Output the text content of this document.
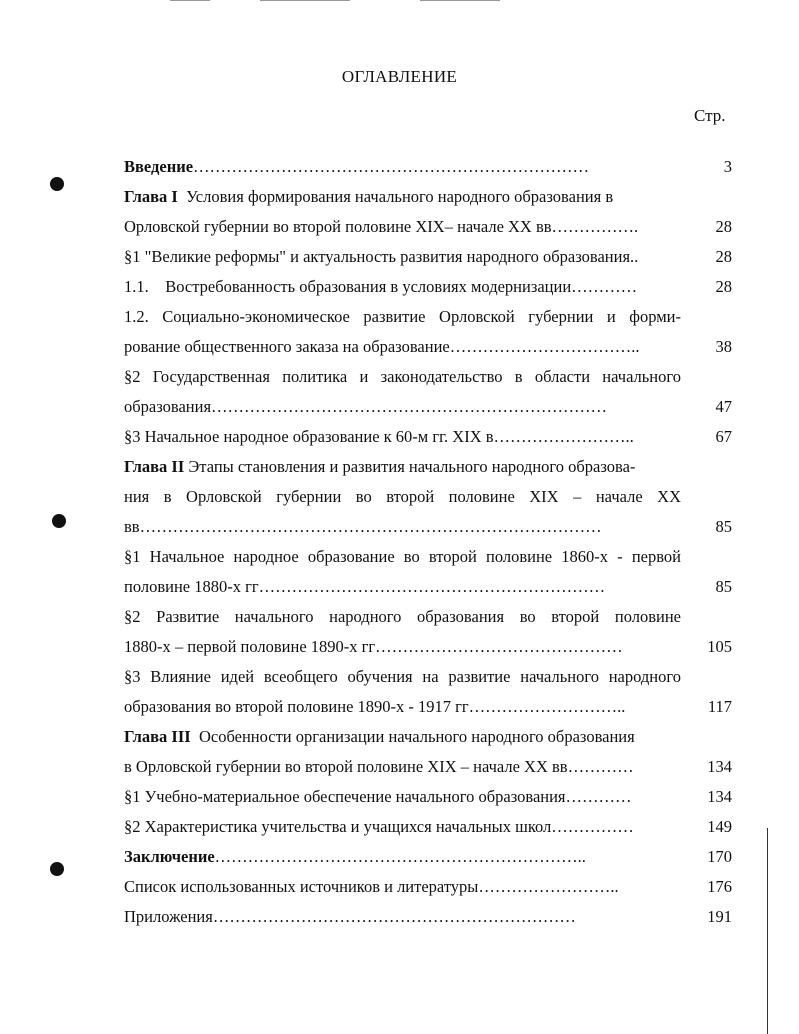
ОГЛАВЛЕНИЕ
Стр.
Введение………………………………………………………………	3
Глава I Условия формирования начального народного образования в
Орловской губернии во второй половине XIX– начале XX вв…………….	28
§1 "Великие реформы" и актуальность развития народного образования..	28
1.1.    Востребованность образования в условиях модернизации…………	28
1.2. Социально-экономическое развитие Орловской губернии и форми-
рование общественного заказа на образование……………………………..	38
§2 Государственная политика и законодательство в области начального
образования………………………………………………………………	47
§3 Начальное народное образование к 60-м гг. XIX в……………………..	67
Глава II Этапы становления и развития начального народного образова-
ния в Орловской губернии во второй половине XIX – начале XX
вв…………………………………………………………………………	85
§1 Начальное народное образование во второй половине 1860-х - первой
половине 1880-х гг………………………………………………………	85
§2 Развитие начального народного образования во второй половине
1880-х – первой половине 1890-х гг………………………………………	105
§3 Влияние идей всеобщего обучения на развитие начального народного
образования во второй половине 1890-х - 1917 гг………………………..	117
Глава III Особенности организации начального народного образования
в Орловской губернии во второй половине XIX – начале XX вв…………	134
§1 Учебно-материальное обеспечение начального образования…………	134
§2 Характеристика учительства и учащихся начальных школ……………	149
Заключение…………………………………………………………..	170
Список использованных источников и литературы……………………..	176
Приложения…………………………………………………………	191
